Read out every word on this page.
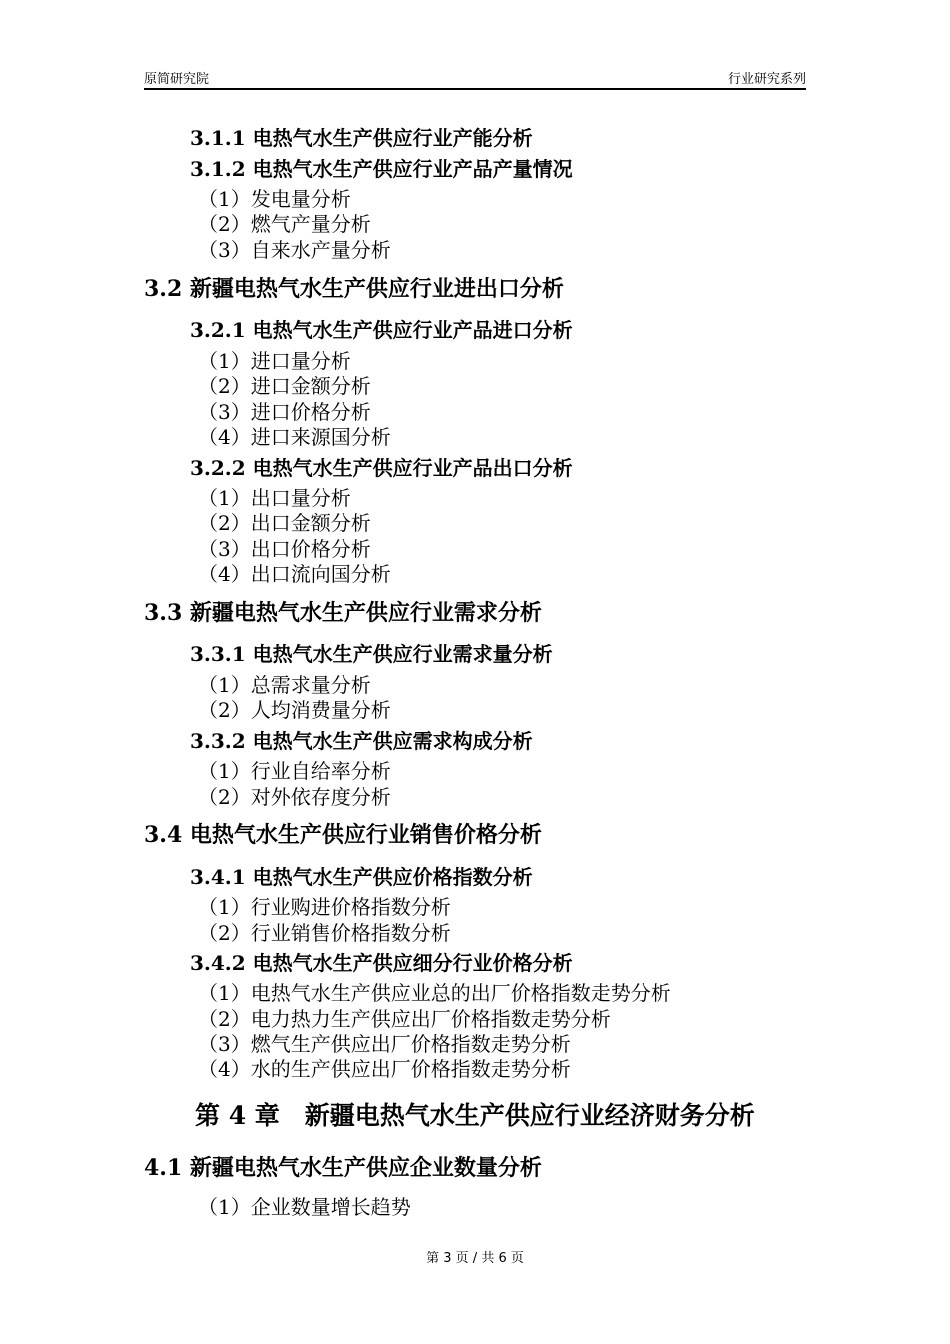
原简研究院	行业研究系列
3.1.1 电热气水生产供应行业产能分析
3.1.2 电热气水生产供应行业产品产量情况
（1）发电量分析
（2）燃气产量分析
（3）自来水产量分析
3.2 新疆电热气水生产供应行业进出口分析
3.2.1 电热气水生产供应行业产品进口分析
（1）进口量分析
（2）进口金额分析
（3）进口价格分析
（4）进口来源国分析
3.2.2 电热气水生产供应行业产品出口分析
（1）出口量分析
（2）出口金额分析
（3）出口价格分析
（4）出口流向国分析
3.3 新疆电热气水生产供应行业需求分析
3.3.1 电热气水生产供应行业需求量分析
（1）总需求量分析
（2）人均消费量分析
3.3.2 电热气水生产供应需求构成分析
（1）行业自给率分析
（2）对外依存度分析
3.4 电热气水生产供应行业销售价格分析
3.4.1 电热气水生产供应价格指数分析
（1）行业购进价格指数分析
（2）行业销售价格指数分析
3.4.2 电热气水生产供应细分行业价格分析
（1）电热气水生产供应业总的出厂价格指数走势分析
（2）电力热力生产供应出厂价格指数走势分析
（3）燃气生产供应出厂价格指数走势分析
（4）水的生产供应出厂价格指数走势分析
第 4 章　新疆电热气水生产供应行业经济财务分析
4.1 新疆电热气水生产供应企业数量分析
（1）企业数量增长趋势
第 3 页 / 共 6 页
